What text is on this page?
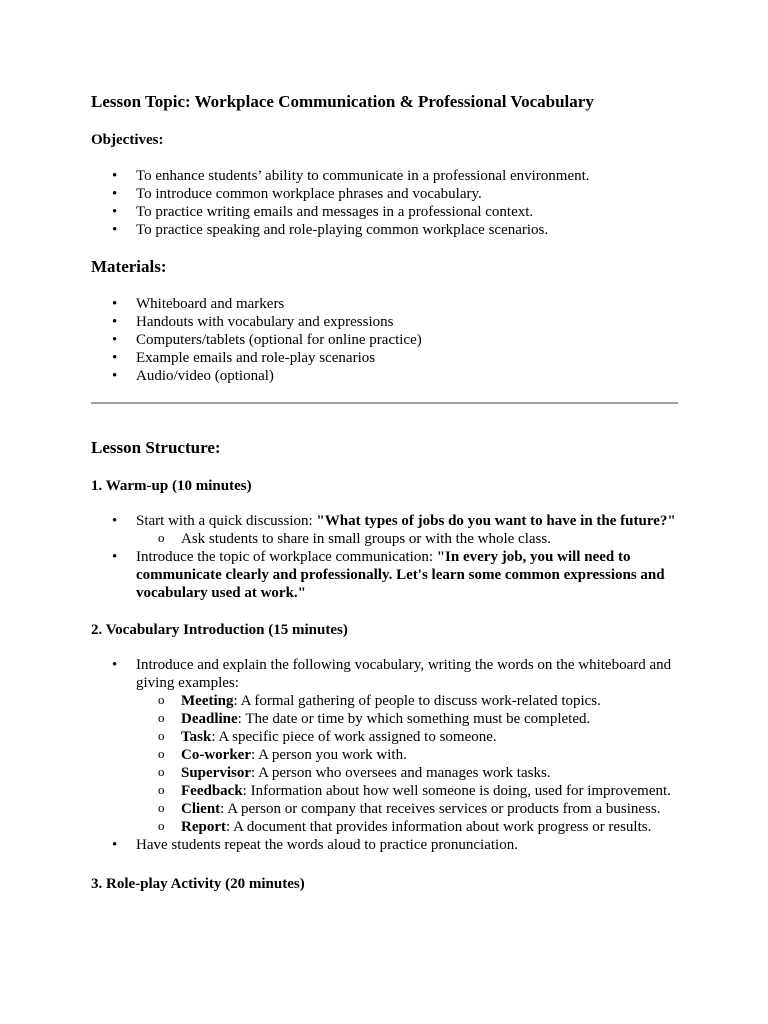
Lesson Topic: Workplace Communication & Professional Vocabulary
Objectives:
• To enhance students’ ability to communicate in a professional environment.
• To introduce common workplace phrases and vocabulary.
• To practice writing emails and messages in a professional context.
• To practice speaking and role-playing common workplace scenarios.
Materials:
• Whiteboard and markers
• Handouts with vocabulary and expressions
• Computers/tablets (optional for online practice)
• Example emails and role-play scenarios
• Audio/video (optional)
Lesson Structure:
1. Warm-up (10 minutes)
• Start with a quick discussion: "What types of jobs do you want to have in the future?"
o Ask students to share in small groups or with the whole class.
• Introduce the topic of workplace communication: "In every job, you will need to communicate clearly and professionally. Let's learn some common expressions and vocabulary used at work."
2. Vocabulary Introduction (15 minutes)
• Introduce and explain the following vocabulary, writing the words on the whiteboard and giving examples:
o Meeting: A formal gathering of people to discuss work-related topics.
o Deadline: The date or time by which something must be completed.
o Task: A specific piece of work assigned to someone.
o Co-worker: A person you work with.
o Supervisor: A person who oversees and manages work tasks.
o Feedback: Information about how well someone is doing, used for improvement.
o Client: A person or company that receives services or products from a business.
o Report: A document that provides information about work progress or results.
• Have students repeat the words aloud to practice pronunciation.
3. Role-play Activity (20 minutes)
